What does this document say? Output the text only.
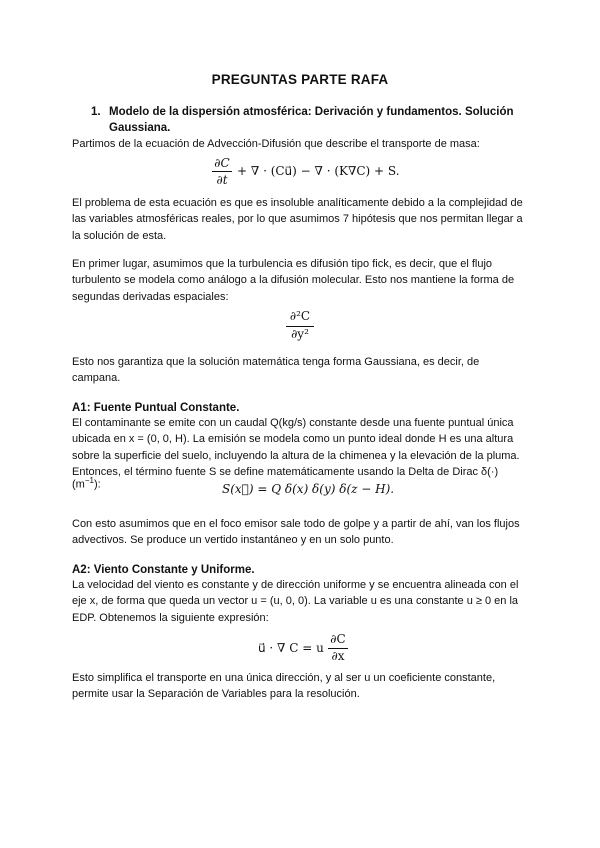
PREGUNTAS PARTE RAFA
1. Modelo de la dispersión atmosférica: Derivación y fundamentos. Solución Gaussiana.
Partimos de la ecuación de Advección-Difusión que describe el transporte de masa:
∂C
∂t
+ ∇ · (Cu⃗) − ∇ · (K∇C) + S.
El problema de esta ecuación es que es insoluble analíticamente debido a la complejidad de las variables atmosféricas reales, por lo que asumimos 7 hipótesis que nos permitan llegar a la solución de esta.
En primer lugar, asumimos que la turbulencia es difusión tipo fick, es decir, que el flujo turbulento se modela como análogo a la difusión molecular. Esto nos mantiene la forma de segundas derivadas espaciales:
∂²C
∂y²
Esto nos garantiza que la solución matemática tenga forma Gaussiana, es decir, de campana.
A1: Fuente Puntual Constante.
El contaminante se emite con un caudal Q(kg/s) constante desde una fuente puntual única ubicada en x = (0, 0, H). La emisión se modela como un punto ideal donde H es una altura sobre la superficie del suelo, incluyendo la altura de la chimenea y la elevación de la pluma. Entonces, el término fuente S se define matemáticamente usando la Delta de Dirac δ(·)
$(m^{-1})$:	S(x⃗) = Q δ(x) δ(y) δ(z − H).
Con esto asumimos que en el foco emisor sale todo de golpe y a partir de ahí, van los flujos advectivos. Se produce un vertido instantáneo y en un solo punto.
A2: Viento Constante y Uniforme.
La velocidad del viento es constante y de dirección uniforme y se encuentra alineada con el eje x, de forma que queda un vector u = (u, 0, 0). La variable u es una constante u ≥ 0 en la EDP. Obtenemos la siguiente expresión:
u⃗ · ∇ C = u
∂C
∂x
Esto simplifica el transporte en una única dirección, y al ser u un coeficiente constante, permite usar la Separación de Variables para la resolución.
